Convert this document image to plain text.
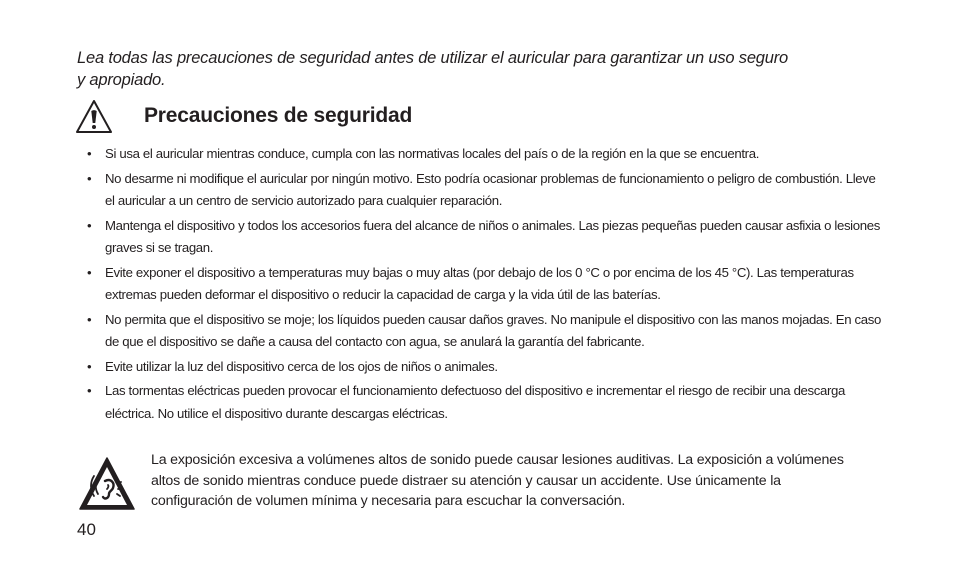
Lea todas las precauciones de seguridad antes de utilizar el auricular para garantizar un uso seguro y apropiado.
Precauciones de seguridad
• Si usa el auricular mientras conduce, cumpla con las normativas locales del país o de la región en la que se encuentra.
• No desarme ni modifique el auricular por ningún motivo. Esto podría ocasionar problemas de funcionamiento o peligro de combustión. Lleve el auricular a un centro de servicio autorizado para cualquier reparación.
• Mantenga el dispositivo y todos los accesorios fuera del alcance de niños o animales. Las piezas pequeñas pueden causar asfixia o lesiones graves si se tragan.
• Evite exponer el dispositivo a temperaturas muy bajas o muy altas (por debajo de los 0 °C o por encima de los 45 °C). Las temperaturas extremas pueden deformar el dispositivo o reducir la capacidad de carga y la vida útil de las baterías.
• No permita que el dispositivo se moje; los líquidos pueden causar daños graves. No manipule el dispositivo con las manos mojadas. En caso de que el dispositivo se dañe a causa del contacto con agua, se anulará la garantía del fabricante.
• Evite utilizar la luz del dispositivo cerca de los ojos de niños o animales.
• Las tormentas eléctricas pueden provocar el funcionamiento defectuoso del dispositivo e incrementar el riesgo de recibir una descarga eléctrica. No utilice el dispositivo durante descargas eléctricas.
La exposición excesiva a volúmenes altos de sonido puede causar lesiones auditivas. La exposición a volúmenes altos de sonido mientras conduce puede distraer su atención y causar un accidente. Use únicamente la configuración de volumen mínima y necesaria para escuchar la conversación.
40
